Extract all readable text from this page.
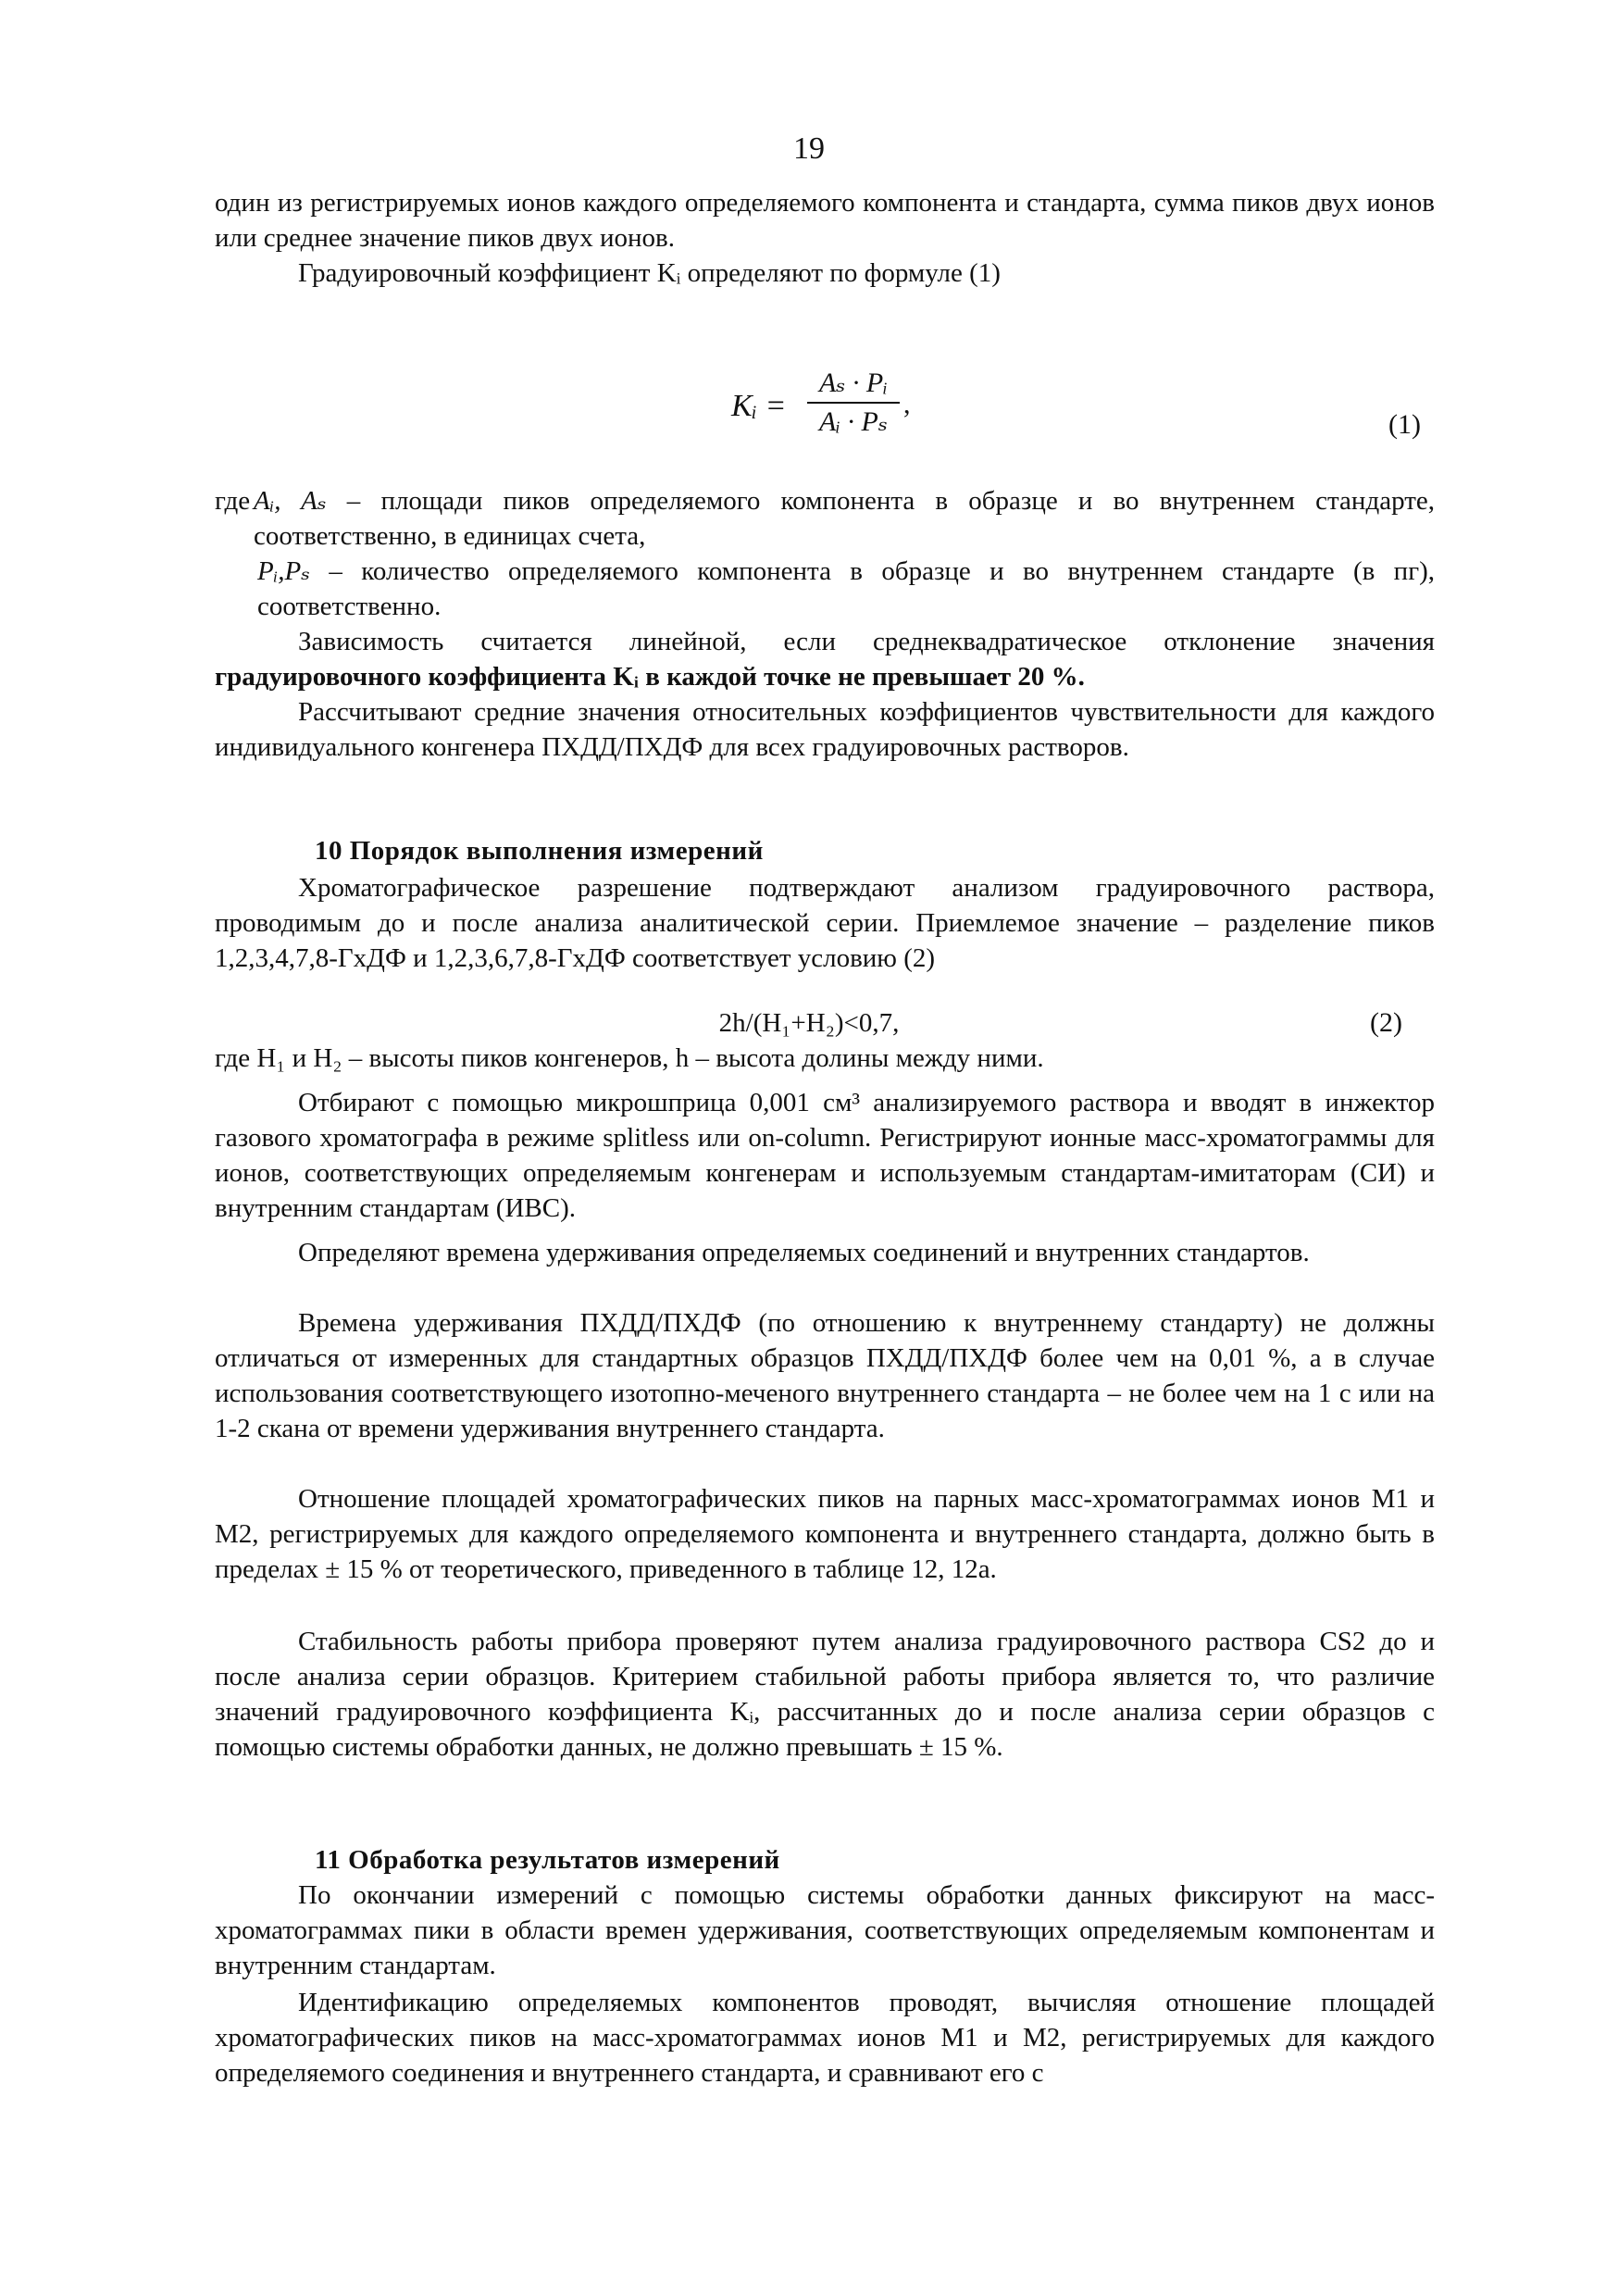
19

один из регистрируемых ионов каждого определяемого компонента и стандарта, сумма пиков двух ионов или среднее значение пиков двух ионов.

Градуировочный коэффициент Kᵢ определяют по формуле (1)

Kᵢ =
Aₛ · Pᵢ
Aᵢ · Pₛ
,
(1)
где Aᵢ, Aₛ – площади пиков определяемого компонента в образце и во внутреннем стандарте, соответственно, в единицах счета,
Pᵢ,Pₛ – количество определяемого компонента в образце и во внутреннем стандарте (в пг), соответственно.

Зависимость считается линейной, если среднеквадратическое отклонение значения градуировочного коэффициента Kᵢ в каждой точке не превышает 20 %.

Рассчитывают средние значения относительных коэффициентов чувствительности для каждого индивидуального конгенера ПХДД/ПХДФ для всех градуировочных растворов.

10 Порядок выполнения измерений

Хроматографическое разрешение подтверждают анализом градуировочного раствора, проводимым до и после анализа аналитической серии. Приемлемое значение – разделение пиков 1,2,3,4,7,8-ГхДФ и 1,2,3,6,7,8-ГхДФ соответствует условию (2)

2h/(H₁+H₂)<0,7,	(2)

где H₁ и H₂ – высоты пиков конгенеров, h – высота долины между ними.

Отбирают с помощью микрошприца 0,001 см³ анализируемого раствора и вводят в инжектор газового хроматографа в режиме splitless или on-column. Регистрируют ионные масс-хроматограммы для ионов, соответствующих определяемым конгенерам и используемым стандартам-имитаторам (СИ) и внутренним стандартам (ИВС).

Определяют времена удерживания определяемых соединений и внутренних стандартов.

Времена удерживания ПХДД/ПХДФ (по отношению к внутреннему стандарту) не должны отличаться от измеренных для стандартных образцов ПХДД/ПХДФ более чем на 0,01 %, а в случае использования соответствующего изотопно-меченого внутреннего стандарта – не более чем на 1 с или на 1-2 скана от времени удерживания внутреннего стандарта.

Отношение площадей хроматографических пиков на парных масс-хроматограммах ионов M1 и M2, регистрируемых для каждого определяемого компонента и внутреннего стандарта, должно быть в пределах ± 15 % от теоретического, приведенного в таблице 12, 12а.

Стабильность работы прибора проверяют путем анализа градуировочного раствора CS2 до и после анализа серии образцов. Критерием стабильной работы прибора является то, что различие значений градуировочного коэффициента Kᵢ, рассчитанных до и после анализа серии образцов с помощью системы обработки данных, не должно превышать ± 15 %.

11 Обработка результатов измерений

По окончании измерений с помощью системы обработки данных фиксируют на масс-хроматограммах пики в области времен удерживания, соответствующих определяемым компонентам и внутренним стандартам.

Идентификацию определяемых компонентов проводят, вычисляя отношение площадей хроматографических пиков на масс-хроматограммах ионов M1 и M2, регистрируемых для каждого определяемого соединения и внутреннего стандарта, и сравнивают его с
